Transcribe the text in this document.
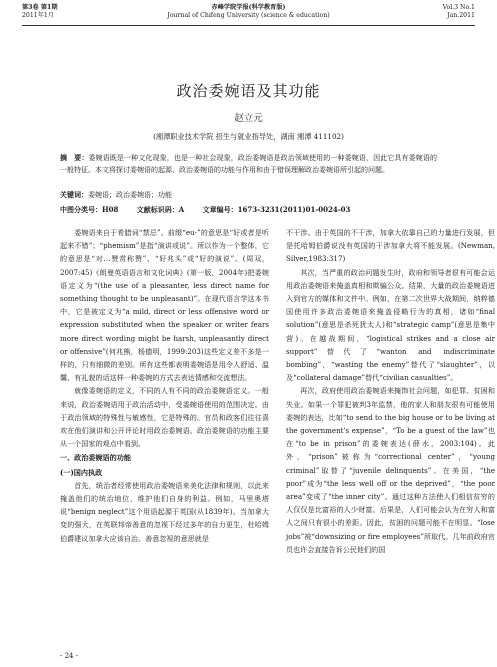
第3卷 第1期
2011年1月
赤峰学院学报(科学教育版)
Journal of Chifeng University (science & education)
Vol.3 No.1
Jan.2011
政治委婉语及其功能
赵立元
(湘潭职业技术学院 招生与就业指导处，湖南 湘潭 411102)
摘　要：委婉语既是一种文化现象，也是一种社会现象，政治委婉语是政治领域使用的一种委婉语，因此它具有委婉语的一般特征。本文将探讨委婉语的起源、政治委婉语的功能与作用和由于错误理解政治委婉语所引起的问题。
关键词：委婉语；政治委婉语；功能
中图分类号：H08	文献标识码：A	文章编号：1673-3231(2011)01-0024-03

委婉语来自于希腊词“禁忌”。前缀“eu-”的意思是“好或者是听起来不错”；“phemism”是指“演讲或说”。所以作为一个整体，它的意思是“对…赞赏称赞”、“好兆头”或“好的演说”。(周双，2007:45)《朗曼英语语言和文化词典》(第一版，2004年)把委婉语定义为“(the use of a pleasanter, less direct name for something thought to be unpleasant)”。在现代语言学这本书中，它是被定义为“a mild, direct or less offensive word or expression substituted when the speaker or writer fears more direct wording might be harsh, unpleasantly direct or offensive”(何兆熊，杨德明，1999:203)这些定义差不多是一样的，只有细微的差别。所有这些都表明委婉语是用令人舒适、温馨、有礼貌的话这样一种委婉的方式去表达情感和交流想法。

就像委婉语的定义，不同的人有不同的政治委婉语定义。一般来说，政治委婉语用于政治活动中，受委婉语使用的范围决定。由于政治领域的特殊性与敏感性，它是特殊的。官员和政客们往往喜欢在他们演讲和公开评论时用政治委婉语。政治委婉语的功能主要从一个国家的观点中看到。

一、政治委婉语的功能

(一)国内执政

首先，统治者经常使用政治委婉语来美化法律和规则，以此来掩盖他们的统治地位，维护他们自身的利益。例如，马里奥塔说“benign neglect”这个用语起源于英国(从1839年)。当加拿大变的强大，在英联邦帝善意的忽视下经过多年的自力更生，杜哈姆伯爵建议加拿大应该自治。善意忽视的意思就是

不干涉。由于英国的不干涉，加拿大依靠自己的力量进行发展，但是托哈姆伯爵说没有英国的干涉加拿大将不能发展。(Newman, Silver,1983:317)

其次，当严重的政治问题发生时，政府和领导者很有可能会运用政治委婉语来掩盖真相和欺骗公众。结果，大量的政治委婉语进入到官方的媒体和文件中。例如，在第二次世界大战期间，纳粹德国使用许多政治委婉语来掩盖侵略行为的真相，诸如“final solution”(意思是杀死犹太人)和“strategic camp”(意思是集中营)。在越战期间，“logistical strikes and a close air support”替代了“wanton and indiscriminate bombing”，“wasting the enemy”替代了“slaughter”，以及“collateral damage”替代“civilian casualties”。

再次，政府使用政治委婉语来掩饰社会问题，如犯罪、贫困和失业。如果一个罪犯被判3年监禁，他的家人和朋友很有可能使用委婉的表达，比如“to send to the big house or to be living at the government's expense”，“To be a guest of the law”也在“to be in prison”的委婉表达(薛水，2003:104)。此外，“prison”被称为“correctional center”，“young criminal”取替了“juvenile delinquents”。在美国，“the poor”成为“the less well off or the deprived”，“the poor area”变成了“the inner city”。通过这种方法使人们相信贫穷的人仅仅是比富裕的人少财富。后果是，人们可能会认为在穷人和富人之间只有很小的差距。因此，贫困的问题可能不在明显。“lose jobs”被“downsizing or fire employees”所取代。几年前政府官员也许会直接告诉公民他们的国

- 24 -
